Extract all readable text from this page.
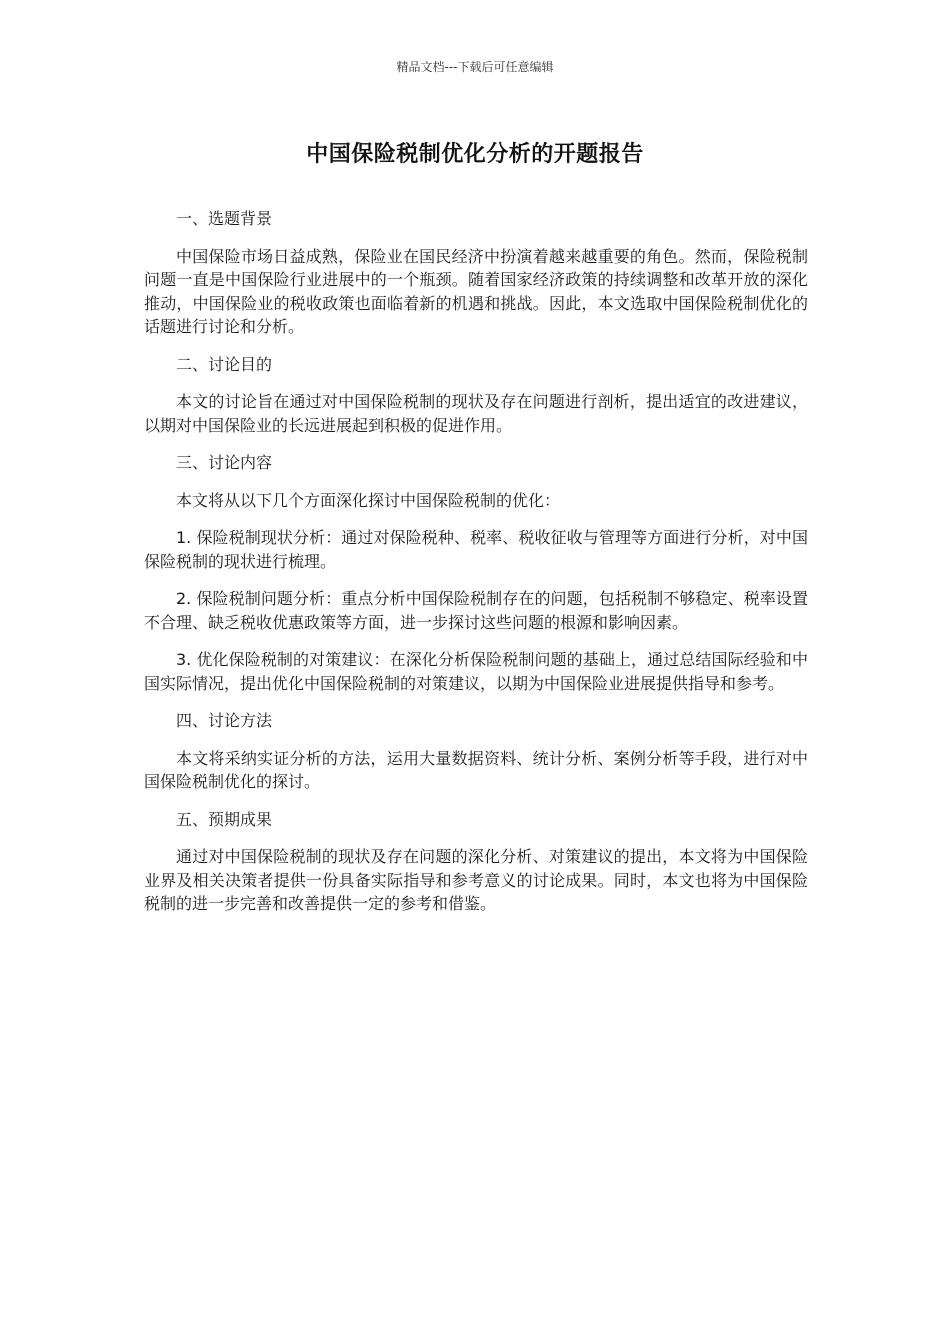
精品文档---下载后可任意编辑
中国保险税制优化分析的开题报告

一、选题背景

中国保险市场日益成熟，保险业在国民经济中扮演着越来越重要的角色。然而，保险税制问题一直是中国保险行业进展中的一个瓶颈。随着国家经济政策的持续调整和改革开放的深化推动，中国保险业的税收政策也面临着新的机遇和挑战。因此，本文选取中国保险税制优化的话题进行讨论和分析。

二、讨论目的

本文的讨论旨在通过对中国保险税制的现状及存在问题进行剖析，提出适宜的改进建议，以期对中国保险业的长远进展起到积极的促进作用。

三、讨论内容

本文将从以下几个方面深化探讨中国保险税制的优化：

1. 保险税制现状分析：通过对保险税种、税率、税收征收与管理等方面进行分析，对中国保险税制的现状进行梳理。

2. 保险税制问题分析：重点分析中国保险税制存在的问题，包括税制不够稳定、税率设置不合理、缺乏税收优惠政策等方面，进一步探讨这些问题的根源和影响因素。

3. 优化保险税制的对策建议：在深化分析保险税制问题的基础上，通过总结国际经验和中国实际情况，提出优化中国保险税制的对策建议，以期为中国保险业进展提供指导和参考。

四、讨论方法

本文将采纳实证分析的方法，运用大量数据资料、统计分析、案例分析等手段，进行对中国保险税制优化的探讨。

五、预期成果

通过对中国保险税制的现状及存在问题的深化分析、对策建议的提出，本文将为中国保险业界及相关决策者提供一份具备实际指导和参考意义的讨论成果。同时，本文也将为中国保险税制的进一步完善和改善提供一定的参考和借鉴。
